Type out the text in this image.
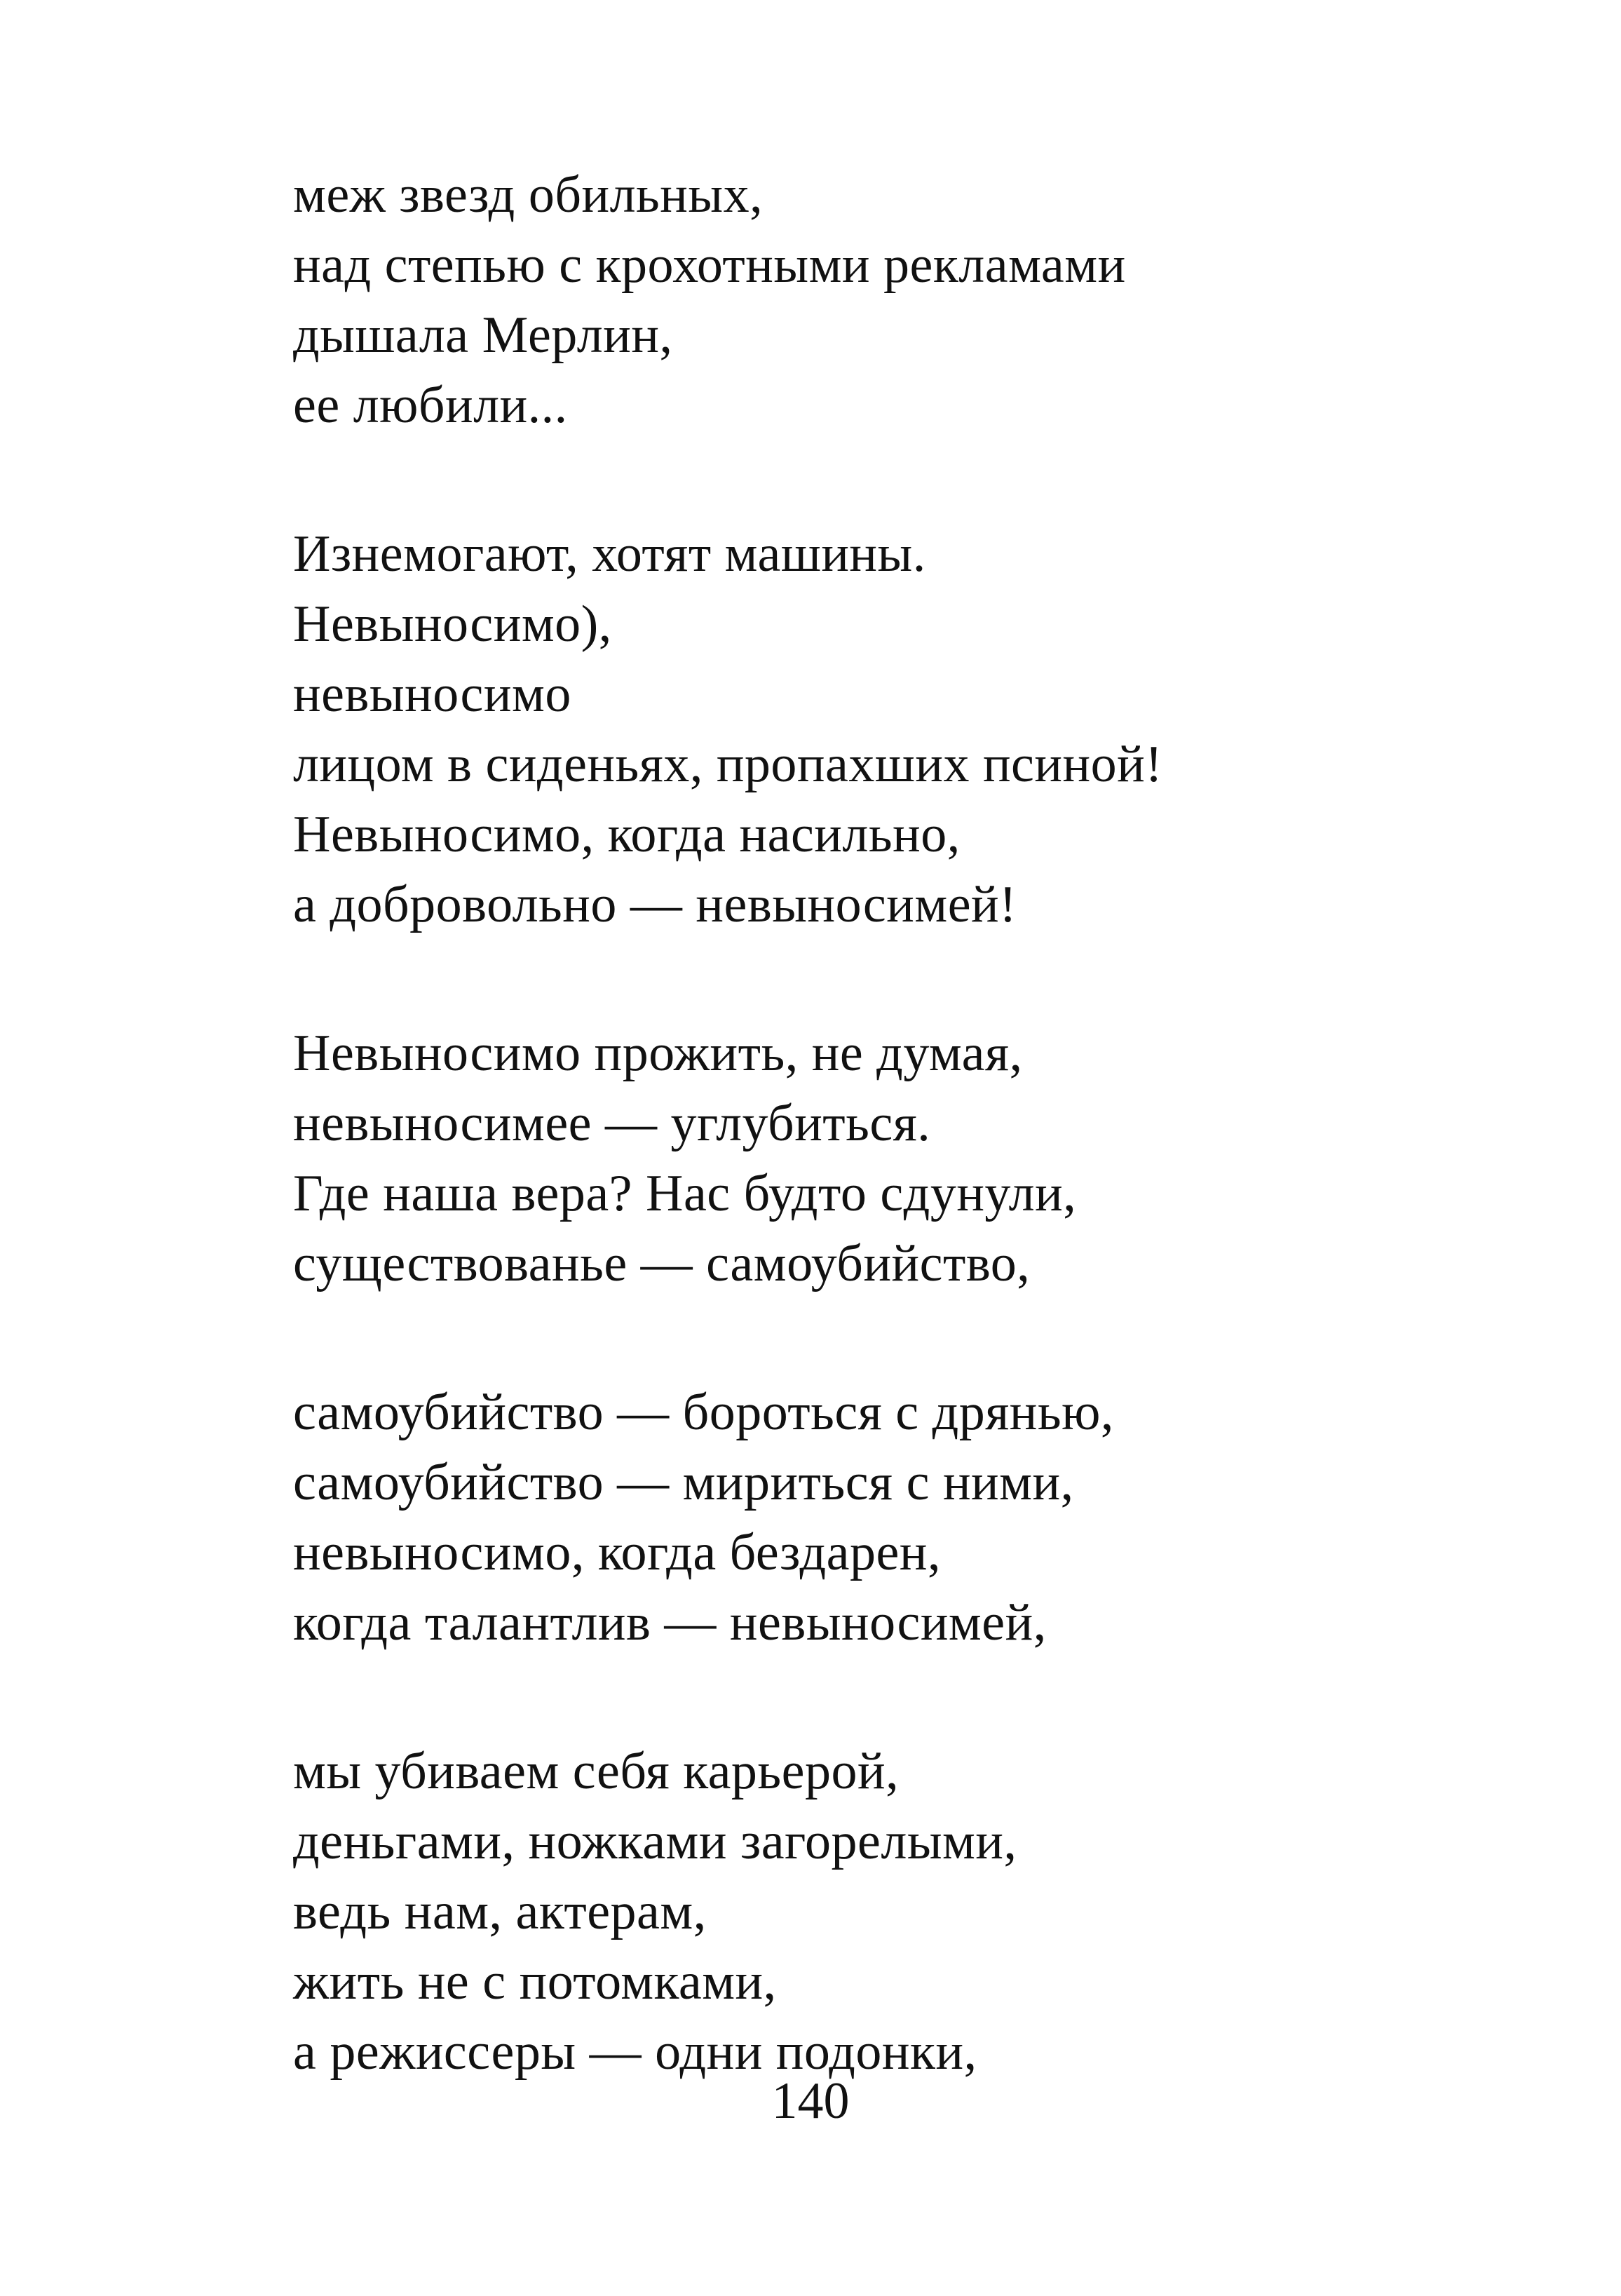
меж звезд обильных,
над степью с крохотными рекламами
дышала Мерлин,
ее любили...
Изнемогают, хотят машины.
Невыносимо),
невыносимо
лицом в сиденьях, пропахших псиной!
Невыносимо, когда насильно,
а добровольно — невыносимей!
Невыносимо прожить, не думая,
невыносимее — углубиться.
Где наша вера? Нас будто сдунули,
существованье — самоубийство,
самоубийство — бороться с дрянью,
самоубийство — мириться с ними,
невыносимо, когда бездарен,
когда талантлив — невыносимей,
мы убиваем себя карьерой,
деньгами, ножками загорелыми,
ведь нам, актерам,
жить не с потомками,
а режиссеры — одни подонки,
140
